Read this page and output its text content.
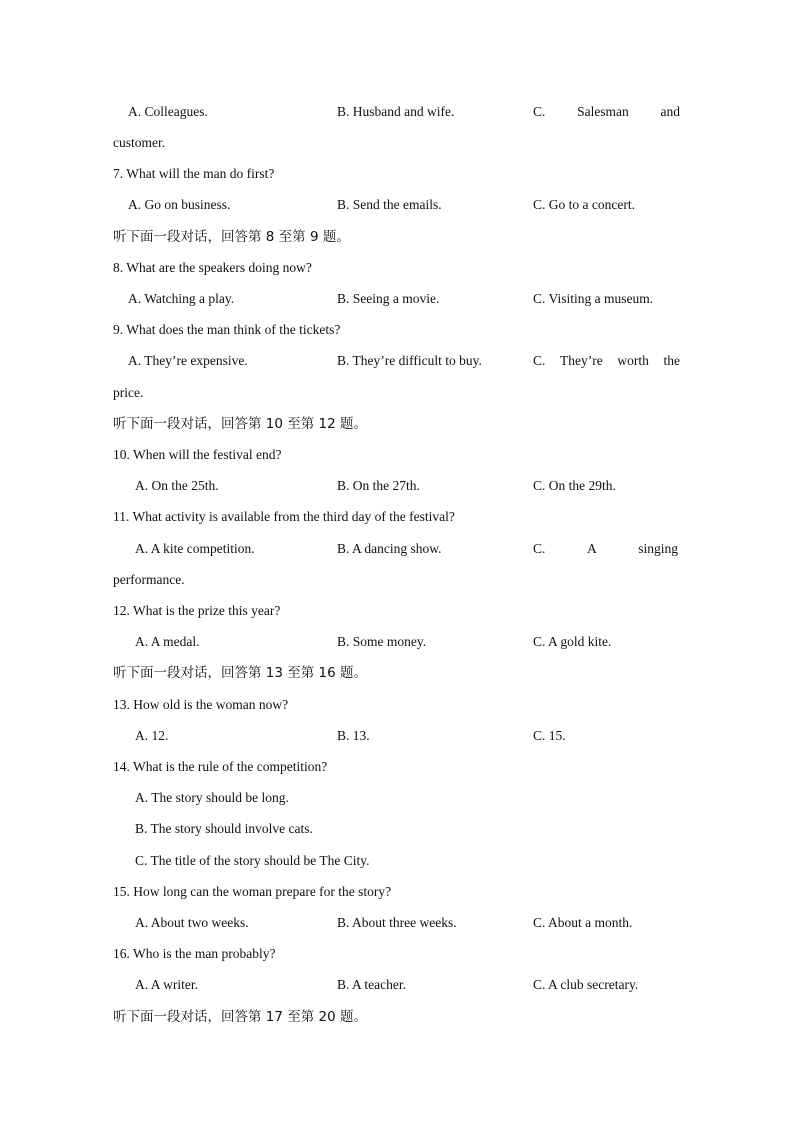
A. Colleagues.	B. Husband and wife.	C. Salesman and
customer.
7. What will the man do first?
A. Go on business.	B. Send the emails.	C. Go to a concert.
听下面一段对话，回答第 8 至第 9 题。
8. What are the speakers doing now?
A. Watching a play.	B. Seeing a movie.	C. Visiting a museum.
9. What does the man think of the tickets?
A. They’re expensive.	B. They’re difficult to buy.	C. They’re worth the
price.
听下面一段对话，回答第 10 至第 12 题。
10. When will the festival end?
A. On the 25th.	B. On the 27th.	C. On the 29th.
11. What activity is available from the third day of the festival?
A. A kite competition.	B. A dancing show.	C.	A	singing
performance.
12. What is the prize this year?
A. A medal.	B. Some money.	C. A gold kite.
听下面一段对话，回答第 13 至第 16 题。
13. How old is the woman now?
A. 12.	B. 13.	C. 15.
14. What is the rule of the competition?
A. The story should be long.
B. The story should involve cats.
C. The title of the story should be The City.
15. How long can the woman prepare for the story?
A. About two weeks.	B. About three weeks.	C. About a month.
16. Who is the man probably?
A. A writer.	B. A teacher.	C. A club secretary.
听下面一段对话，回答第 17 至第 20 题。
